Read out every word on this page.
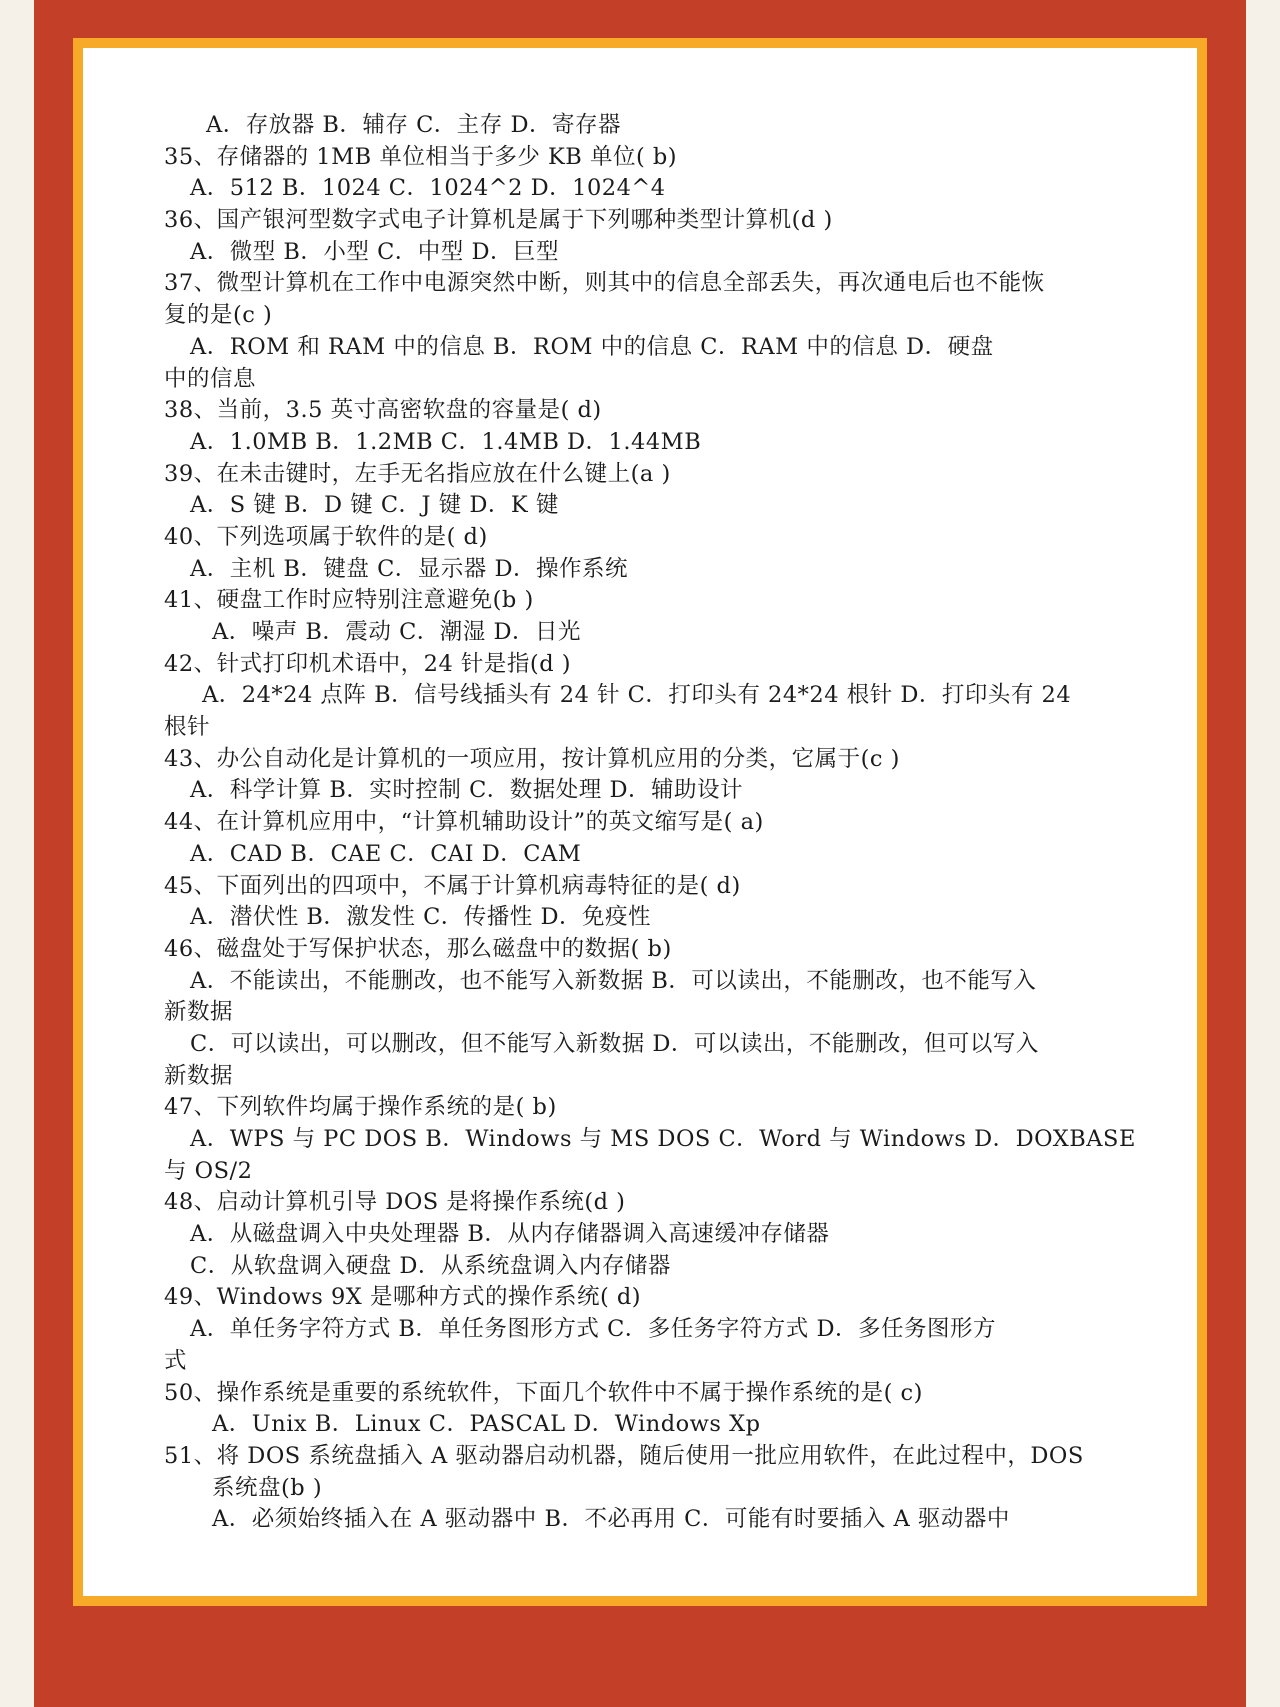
A．存放器 B．辅存 C．主存 D．寄存器
35、存储器的 1MB 单位相当于多少 KB 单位( b)
A．512 B．1024 C．1024^2 D．1024^4
36、国产银河型数字式电子计算机是属于下列哪种类型计算机(d )
A．微型 B．小型 C．中型 D．巨型
37、微型计算机在工作中电源突然中断，则其中的信息全部丢失，再次通电后也不能恢
复的是(c )
A．ROM 和 RAM 中的信息 B．ROM 中的信息 C．RAM 中的信息 D．硬盘
中的信息
38、当前，3.5 英寸高密软盘的容量是( d)
A．1.0MB B．1.2MB C．1.4MB D．1.44MB
39、在未击键时，左手无名指应放在什么键上(a )
A．S 键 B．D 键 C．J 键 D．K 键
40、下列选项属于软件的是( d)
A．主机 B．键盘 C．显示器 D．操作系统
41、硬盘工作时应特别注意避免(b )
A．噪声 B．震动 C．潮湿 D．日光
42、针式打印机术语中，24 针是指(d )
A．24*24 点阵 B．信号线插头有 24 针 C．打印头有 24*24 根针 D．打印头有 24
根针
43、办公自动化是计算机的一项应用，按计算机应用的分类，它属于(c )
A．科学计算 B．实时控制 C．数据处理 D．辅助设计
44、在计算机应用中，“计算机辅助设计”的英文缩写是( a)
A．CAD B．CAE C．CAI D．CAM
45、下面列出的四项中，不属于计算机病毒特征的是( d)
A．潜伏性 B．激发性 C．传播性 D．免疫性
46、磁盘处于写保护状态，那么磁盘中的数据( b)
A．不能读出，不能删改，也不能写入新数据 B．可以读出，不能删改，也不能写入
新数据
C．可以读出，可以删改，但不能写入新数据 D．可以读出，不能删改，但可以写入
新数据
47、下列软件均属于操作系统的是( b)
A．WPS 与 PC DOS B．Windows 与 MS DOS C．Word 与 Windows D．DOXBASE
与 OS/2
48、启动计算机引导 DOS 是将操作系统(d )
A．从磁盘调入中央处理器 B．从内存储器调入高速缓冲存储器
C．从软盘调入硬盘 D．从系统盘调入内存储器
49、Windows 9X 是哪种方式的操作系统( d)
A．单任务字符方式 B．单任务图形方式 C．多任务字符方式 D．多任务图形方
式
50、操作系统是重要的系统软件，下面几个软件中不属于操作系统的是( c)
A．Unix B．Linux C．PASCAL D．Windows Xp
51、将 DOS 系统盘插入 A 驱动器启动机器，随后使用一批应用软件，在此过程中，DOS
系统盘(b )
A．必须始终插入在 A 驱动器中 B．不必再用 C．可能有时要插入 A 驱动器中
